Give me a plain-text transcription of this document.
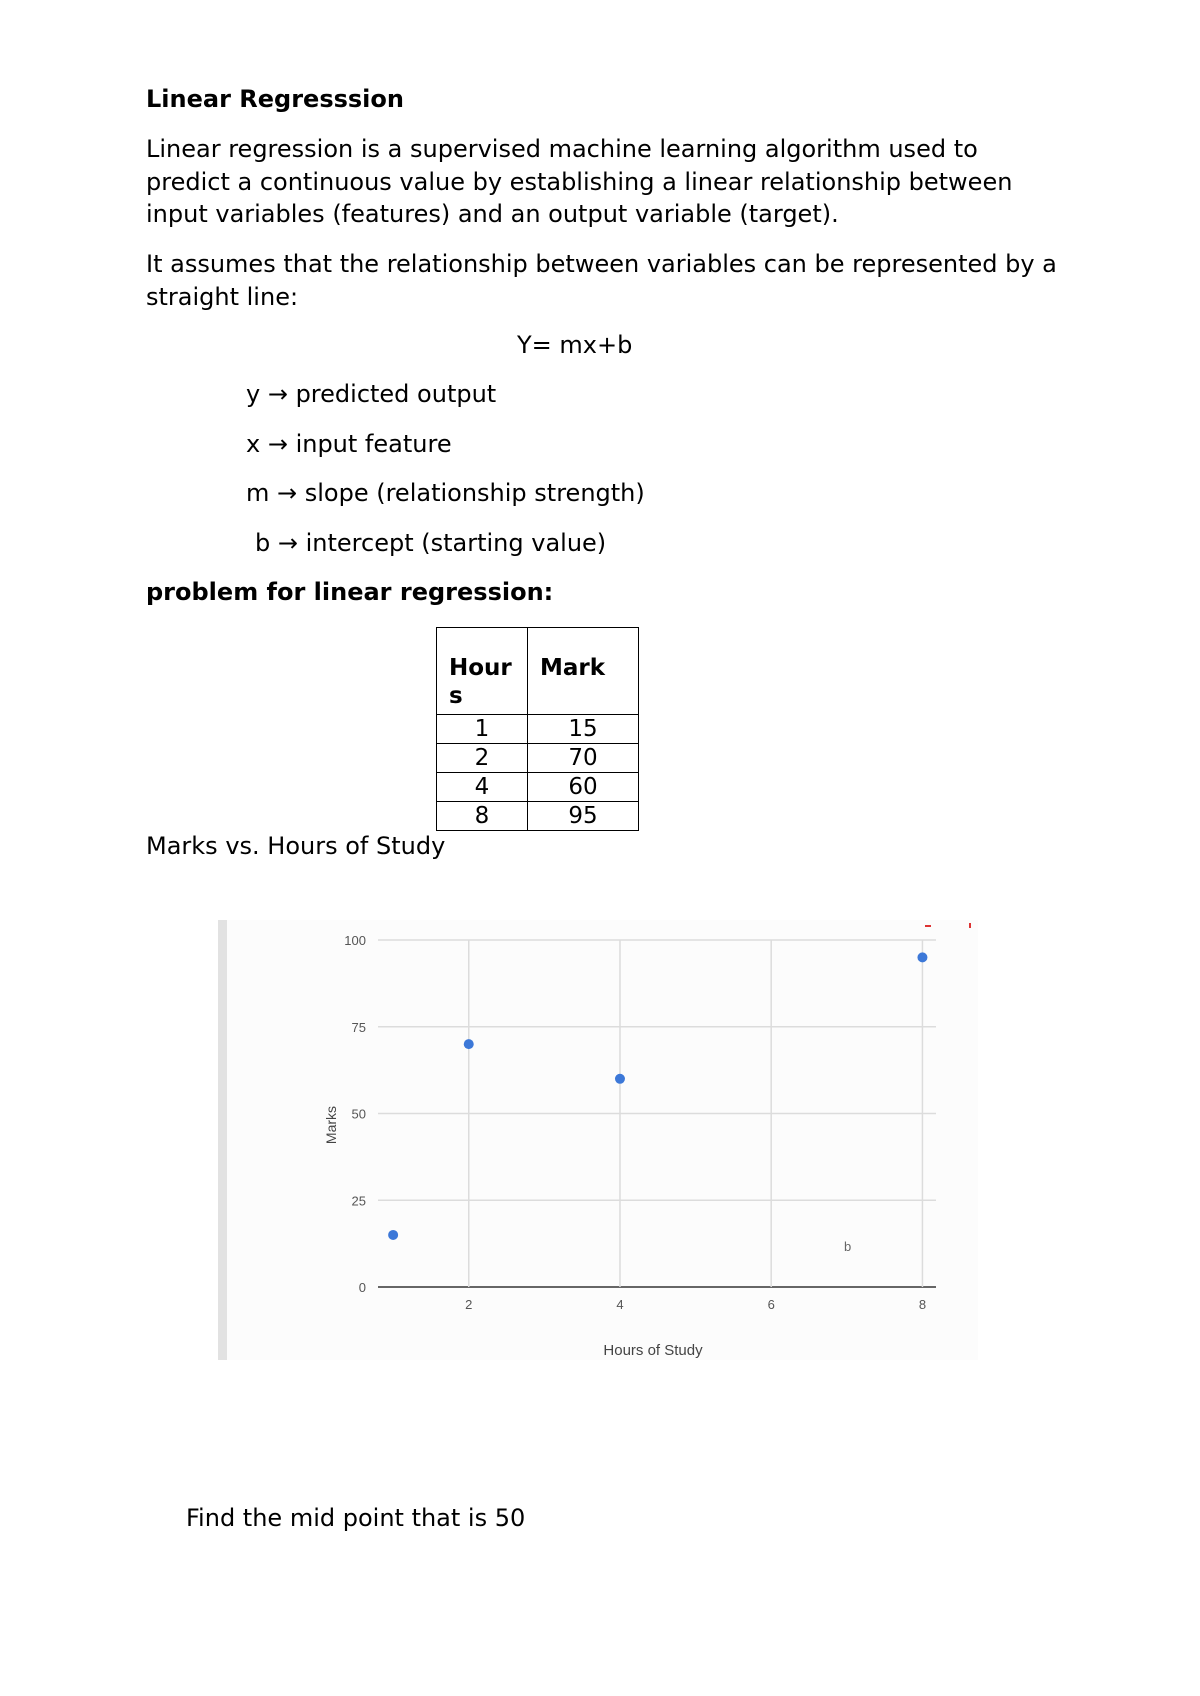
Linear Regresssion
Linear regression is a supervised machine learning algorithm used to predict a continuous value by establishing a linear relationship between input variables (features) and an output variable (target).
It assumes that the relationship between variables can be represented by a straight line:
Y= mx+b
y → predicted output
x → input feature
m → slope (relationship strength)
b → intercept (starting value)
problem for linear regression:
Hours	Mark
1	15
2	70
4	60
8	95
Marks vs. Hours of Study
0
25
50
75
100
2	4	6	8
Hours of Study
Marks
b
Find the mid point that is 50
